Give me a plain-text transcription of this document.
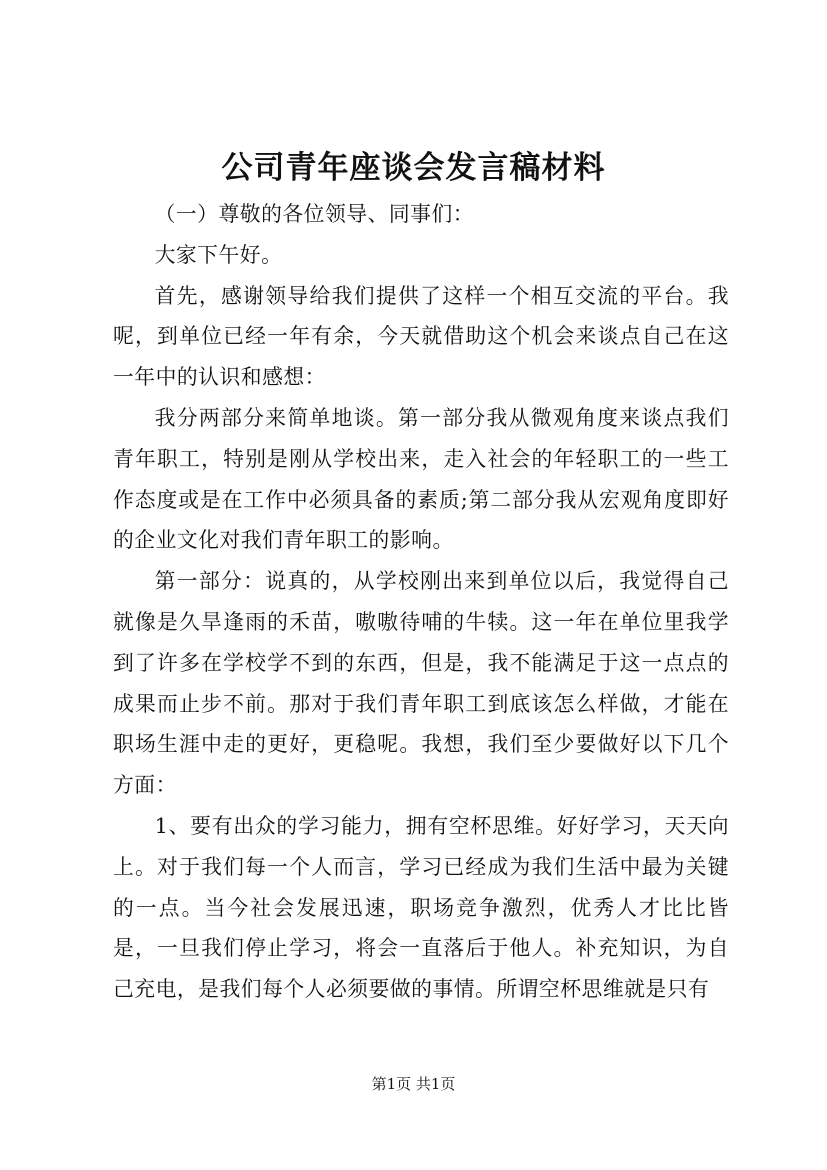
公司青年座谈会发言稿材料

（一）尊敬的各位领导、同事们：

大家下午好。

首先，感谢领导给我们提供了这样一个相互交流的平台。我呢，到单位已经一年有余，今天就借助这个机会来谈点自己在这一年中的认识和感想：

我分两部分来简单地谈。第一部分我从微观角度来谈点我们青年职工，特别是刚从学校出来，走入社会的年轻职工的一些工作态度或是在工作中必须具备的素质;第二部分我从宏观角度即好的企业文化对我们青年职工的影响。

第一部分：说真的，从学校刚出来到单位以后，我觉得自己就像是久旱逢雨的禾苗，嗷嗷待哺的牛犊。这一年在单位里我学到了许多在学校学不到的东西，但是，我不能满足于这一点点的成果而止步不前。那对于我们青年职工到底该怎么样做，才能在职场生涯中走的更好，更稳呢。我想，我们至少要做好以下几个方面：

1、要有出众的学习能力，拥有空杯思维。好好学习，天天向上。对于我们每一个人而言，学习已经成为我们生活中最为关键的一点。当今社会发展迅速，职场竞争激烈，优秀人才比比皆是，一旦我们停止学习，将会一直落后于他人。补充知识，为自己充电，是我们每个人必须要做的事情。所谓空杯思维就是只有

第1页 共1页
